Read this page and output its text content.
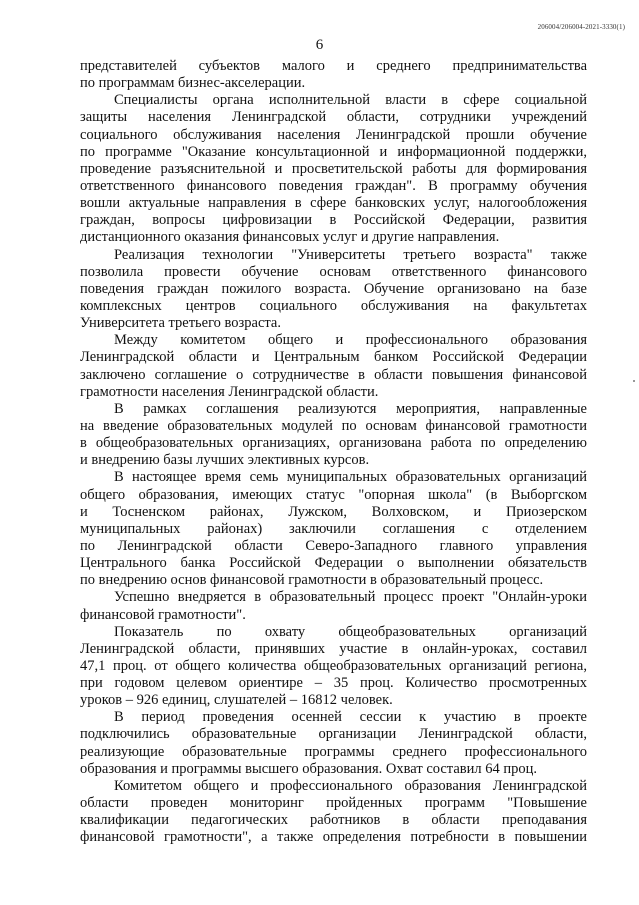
206004/206004-2021-3330(1)
6
представителей субъектов малого и среднего предпринимательства
по программам бизнес-акселерации.
Специалисты органа исполнительной власти в сфере социальной
защиты населения Ленинградской области, сотрудники учреждений
социального обслуживания населения Ленинградской прошли обучение
по программе "Оказание консультационной и информационной поддержки,
проведение разъяснительной и просветительской работы для формирования
ответственного финансового поведения граждан". В программу обучения
вошли актуальные направления в сфере банковских услуг, налогообложения
граждан, вопросы цифровизации в Российской Федерации, развития
дистанционного оказания финансовых услуг и другие направления.
Реализация технологии "Университеты третьего возраста" также
позволила провести обучение основам ответственного финансового
поведения граждан пожилого возраста. Обучение организовано на базе
комплексных центров социального обслуживания на факультетах
Университета третьего возраста.
Между комитетом общего и профессионального образования
Ленинградской области и Центральным банком Российской Федерации
заключено соглашение о сотрудничестве в области повышения финансовой
грамотности населения Ленинградской области.
В рамках соглашения реализуются мероприятия, направленные
на введение образовательных модулей по основам финансовой грамотности
в общеобразовательных организациях, организована работа по определению
и внедрению базы лучших элективных курсов.
В настоящее время семь муниципальных образовательных организаций
общего образования, имеющих статус "опорная школа" (в Выборгском
и Тосненском районах, Лужском, Волховском, и Приозерском
муниципальных районах) заключили соглашения с отделением
по Ленинградской области Северо-Западного главного управления
Центрального банка Российской Федерации о выполнении обязательств
по внедрению основ финансовой грамотности в образовательный процесс.
Успешно внедряется в образовательный процесс проект "Онлайн-уроки
финансовой грамотности".
Показатель по охвату общеобразовательных организаций
Ленинградской области, принявших участие в онлайн-уроках, составил
47,1 проц. от общего количества общеобразовательных организаций региона,
при годовом целевом ориентире – 35 проц. Количество просмотренных
уроков – 926 единиц, слушателей – 16812 человек.
В период проведения осенней сессии к участию в проекте
подключились образовательные организации Ленинградской области,
реализующие образовательные программы среднего профессионального
образования и программы высшего образования. Охват составил 64 проц.
Комитетом общего и профессионального образования Ленинградской
области проведен мониторинг пройденных программ "Повышение
квалификации педагогических работников в области преподавания
финансовой грамотности", а также определения потребности в повышении
